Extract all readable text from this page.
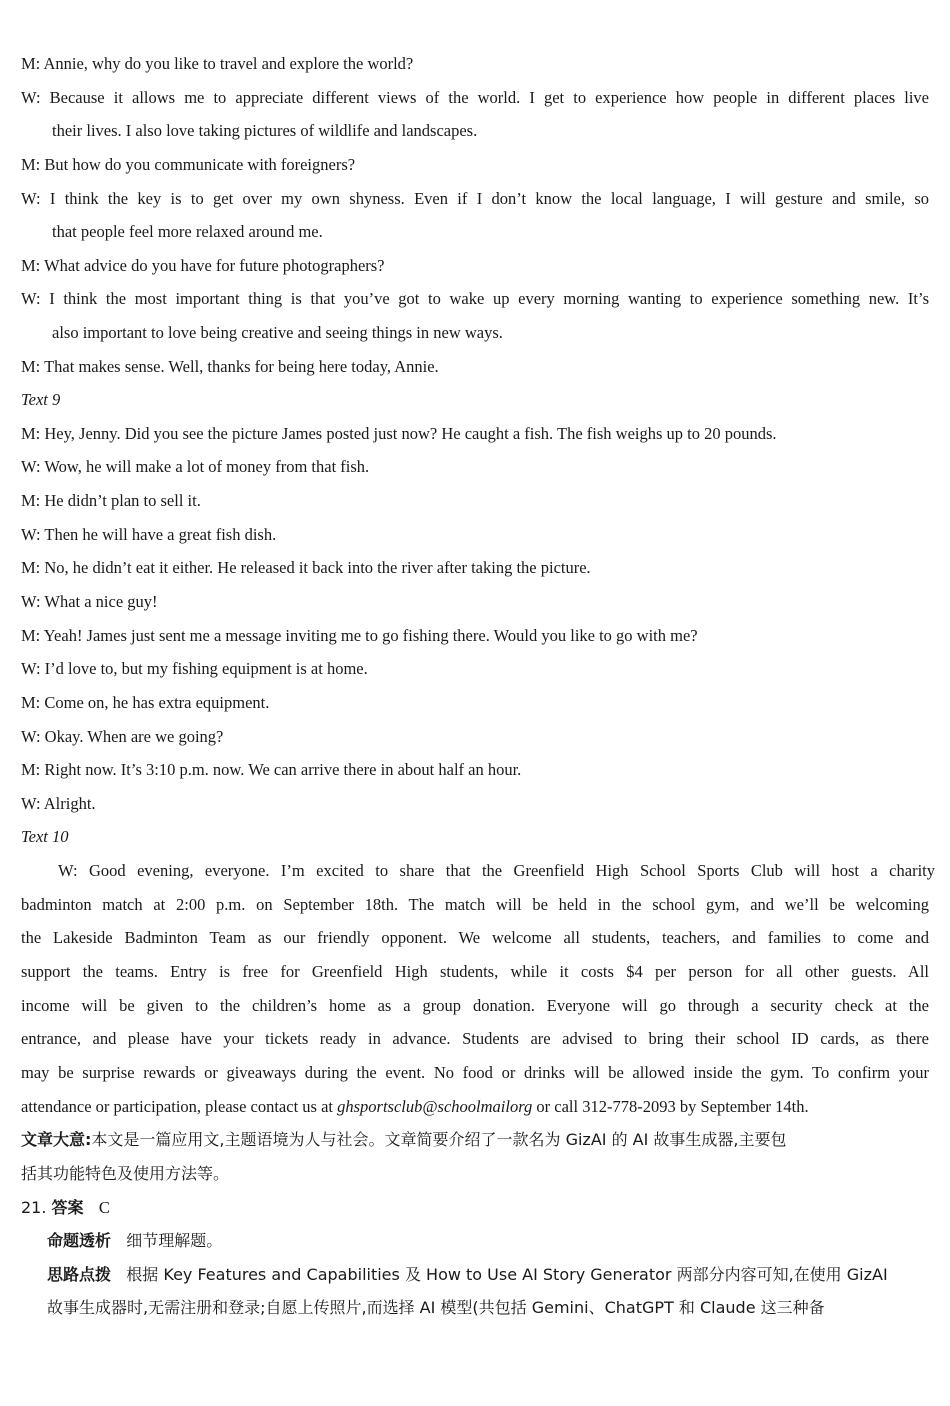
M: Annie, why do you like to travel and explore the world?
W: Because it allows me to appreciate different views of the world. I get to experience how people in different places live
their lives. I also love taking pictures of wildlife and landscapes.
M: But how do you communicate with foreigners?
W: I think the key is to get over my own shyness. Even if I don’t know the local language, I will gesture and smile, so
that people feel more relaxed around me.
M: What advice do you have for future photographers?
W: I think the most important thing is that you’ve got to wake up every morning wanting to experience something new. It’s
also important to love being creative and seeing things in new ways.
M: That makes sense. Well, thanks for being here today, Annie.
Text 9
M: Hey, Jenny. Did you see the picture James posted just now? He caught a fish. The fish weighs up to 20 pounds.
W: Wow, he will make a lot of money from that fish.
M: He didn’t plan to sell it.
W: Then he will have a great fish dish.
M: No, he didn’t eat it either. He released it back into the river after taking the picture.
W: What a nice guy!
M: Yeah! James just sent me a message inviting me to go fishing there. Would you like to go with me?
W: I’d love to, but my fishing equipment is at home.
M: Come on, he has extra equipment.
W: Okay. When are we going?
M: Right now. It’s 3:10 p.m. now. We can arrive there in about half an hour.
W: Alright.
Text 10
W: Good evening, everyone. I’m excited to share that the Greenfield High School Sports Club will host a charity
badminton match at 2:00 p.m. on September 18th. The match will be held in the school gym, and we’ll be welcoming
the Lakeside Badminton Team as our friendly opponent. We welcome all students, teachers, and families to come and
support the teams. Entry is free for Greenfield High students, while it costs $4 per person for all other guests. All
income will be given to the children’s home as a group donation. Everyone will go through a security check at the
entrance, and please have your tickets ready in advance. Students are advised to bring their school ID cards, as there
may be surprise rewards or giveaways during the event. No food or drinks will be allowed inside the gym. To confirm your
attendance or participation, please contact us at ghsportsclub@schoolmailorg or call 312-778-2093 by September 14th.
文章大意:本文是一篇应用文,主题语境为人与社会。文章简要介绍了一款名为 GizAI 的 AI 故事生成器,主要包
括其功能特色及使用方法等。
21. 答案 C
命题透析 细节理解题。
思路点拨 根据 Key Features and Capabilities 及 How to Use AI Story Generator 两部分内容可知,在使用 GizAI
故事生成器时,无需注册和登录;自愿上传照片,而选择 AI 模型(共包括 Gemini、ChatGPT 和 Claude 这三种备
